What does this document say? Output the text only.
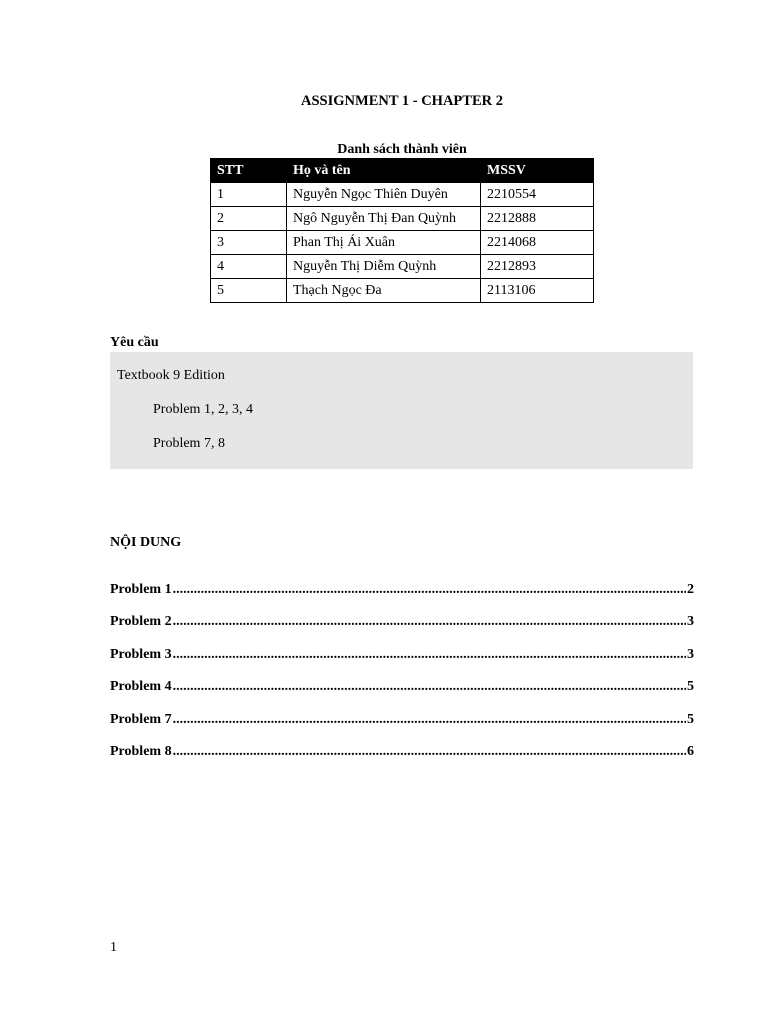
ASSIGNMENT 1 - CHAPTER 2
Danh sách thành viên
STT	Họ và tên	MSSV
1	Nguyễn Ngọc Thiên Duyên	2210554
2	Ngô Nguyễn Thị Đan Quỳnh	2212888
3	Phan Thị Ái Xuân	2214068
4	Nguyễn Thị Diễm Quỳnh	2212893
5	Thạch Ngọc Đa	2113106
Yêu cầu
Textbook 9 Edition
Problem 1, 2, 3, 4
Problem 7, 8
NỘI DUNG
Problem 1 .....	2
Problem 2 .....	3
Problem 3 .....	3
Problem 4 .....	5
Problem 7 .....	5
Problem 8 .....	6
1
